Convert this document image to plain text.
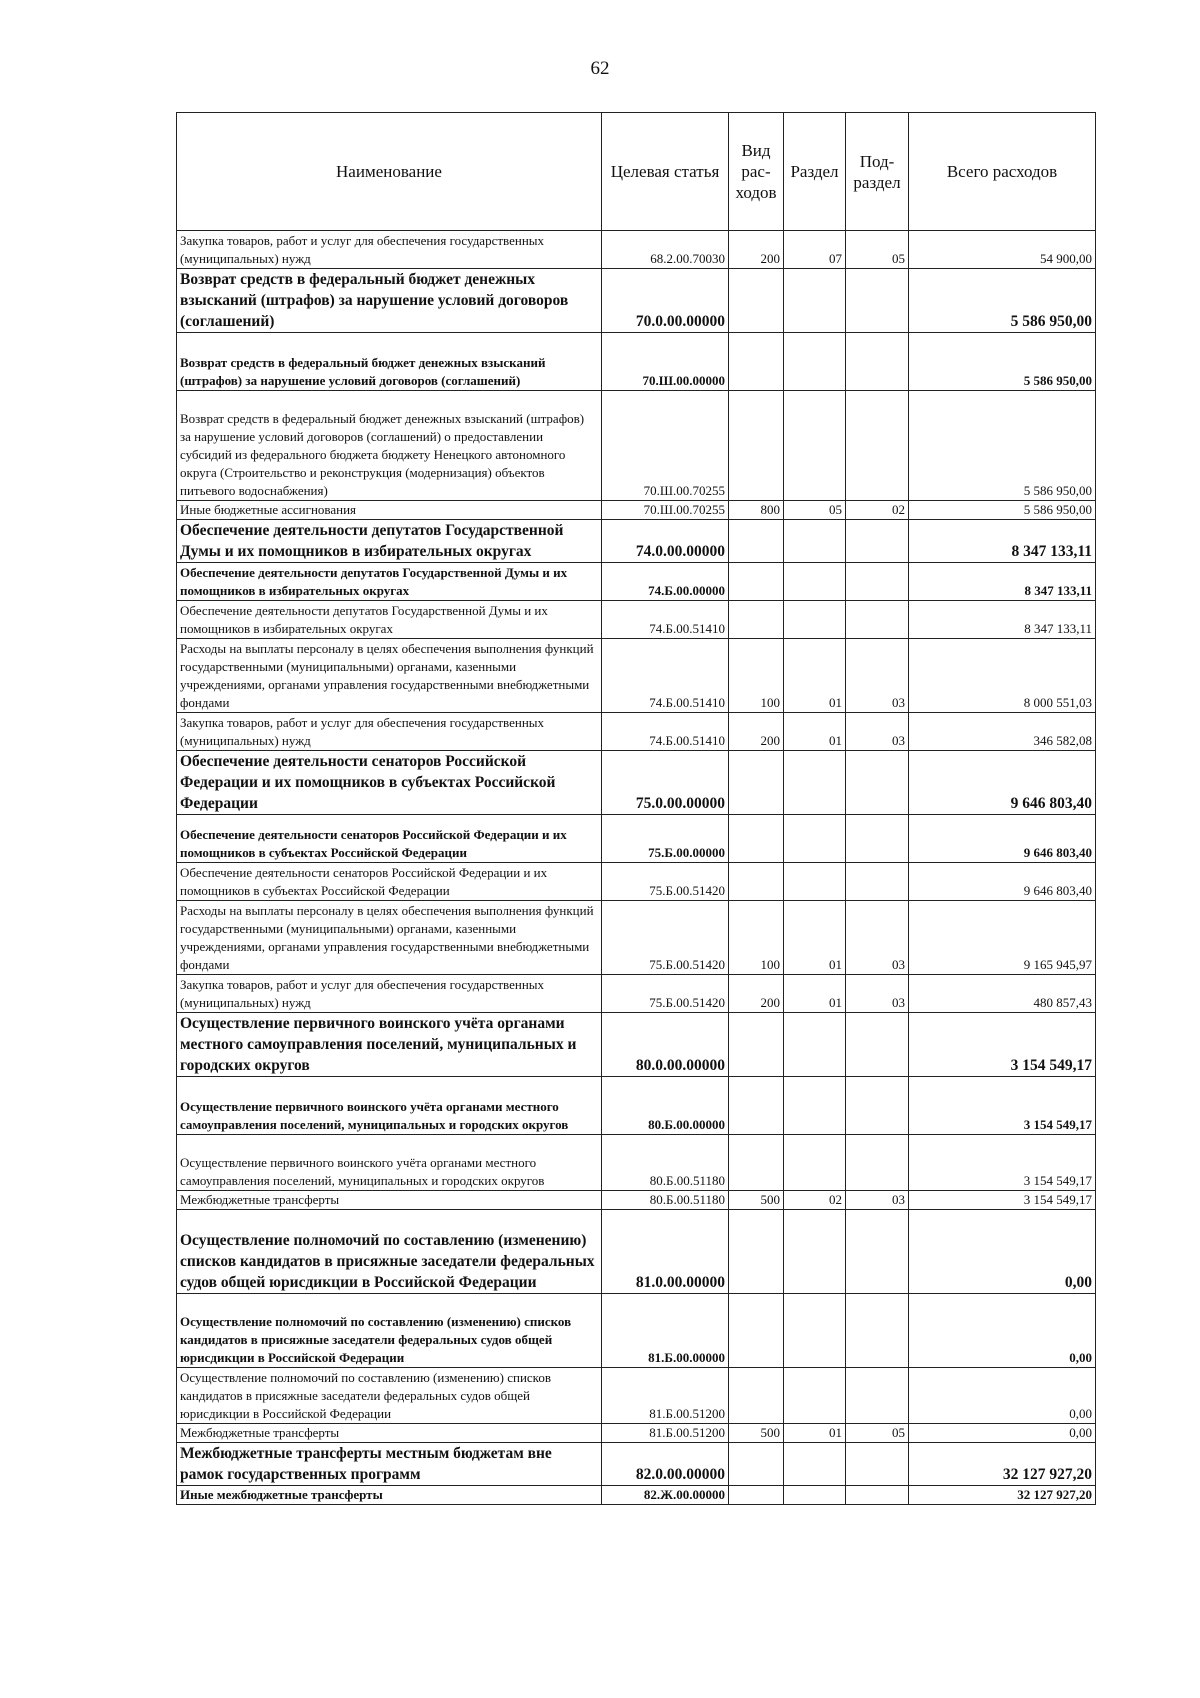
62
Наименование	Целевая статья	Вид
рас-
ходов	Раздел	Под-
раздел	Всего расходов
Закупка товаров, работ и услуг для обеспечения государственных (муниципальных) нужд	68.2.00.70030	200	07	05	54 900,00
Возврат средств в федеральный бюджет денежных взысканий (штрафов) за нарушение условий договоров (соглашений)	70.0.00.00000				5 586 950,00
Возврат средств в федеральный бюджет денежных взысканий (штрафов) за нарушение условий договоров (соглашений)	70.Ш.00.00000				5 586 950,00
Возврат средств в федеральный бюджет денежных взысканий (штрафов) за нарушение условий договоров (соглашений) о предоставлении субсидий из федерального бюджета бюджету Ненецкого автономного округа (Строительство и реконструкция (модернизация) объектов питьевого водоснабжения)	70.Ш.00.70255				5 586 950,00
Иные бюджетные ассигнования	70.Ш.00.70255	800	05	02	5 586 950,00
Обеспечение деятельности депутатов Государственной Думы и их помощников в избирательных округах	74.0.00.00000				8 347 133,11
Обеспечение деятельности депутатов Государственной Думы и их помощников в избирательных округах	74.Б.00.00000				8 347 133,11
Обеспечение деятельности депутатов Государственной Думы и их помощников в избирательных округах	74.Б.00.51410				8 347 133,11
Расходы на выплаты персоналу в целях обеспечения выполнения функций государственными (муниципальными) органами, казенными учреждениями, органами управления государственными внебюджетными фондами	74.Б.00.51410	100	01	03	8 000 551,03
Закупка товаров, работ и услуг для обеспечения государственных (муниципальных) нужд	74.Б.00.51410	200	01	03	346 582,08
Обеспечение деятельности сенаторов Российской Федерации и их помощников в субъектах Российской Федерации	75.0.00.00000				9 646 803,40
Обеспечение деятельности сенаторов Российской Федерации и их помощников в субъектах Российской Федерации	75.Б.00.00000				9 646 803,40
Обеспечение деятельности сенаторов Российской Федерации и их помощников в субъектах Российской Федерации	75.Б.00.51420				9 646 803,40
Расходы на выплаты персоналу в целях обеспечения выполнения функций государственными (муниципальными) органами, казенными учреждениями, органами управления государственными внебюджетными фондами	75.Б.00.51420	100	01	03	9 165 945,97
Закупка товаров, работ и услуг для обеспечения государственных (муниципальных) нужд	75.Б.00.51420	200	01	03	480 857,43
Осуществление первичного воинского учёта органами местного самоуправления поселений, муниципальных и городских округов	80.0.00.00000				3 154 549,17
Осуществление первичного воинского учёта органами местного самоуправления поселений, муниципальных и городских округов	80.Б.00.00000				3 154 549,17
Осуществление первичного воинского учёта органами местного самоуправления поселений, муниципальных и городских округов	80.Б.00.51180				3 154 549,17
Межбюджетные трансферты	80.Б.00.51180	500	02	03	3 154 549,17
Осуществление полномочий по составлению (изменению) списков кандидатов в присяжные заседатели федеральных судов общей юрисдикции в Российской Федерации	81.0.00.00000				0,00
Осуществление полномочий по составлению (изменению) списков кандидатов в присяжные заседатели федеральных судов общей юрисдикции в Российской Федерации	81.Б.00.00000				0,00
Осуществление полномочий по составлению (изменению) списков кандидатов в присяжные заседатели федеральных судов общей юрисдикции в Российской Федерации	81.Б.00.51200				0,00
Межбюджетные трансферты	81.Б.00.51200	500	01	05	0,00
Межбюджетные трансферты местным бюджетам вне рамок государственных программ	82.0.00.00000				32 127 927,20
Иные межбюджетные трансферты	82.Ж.00.00000				32 127 927,20
